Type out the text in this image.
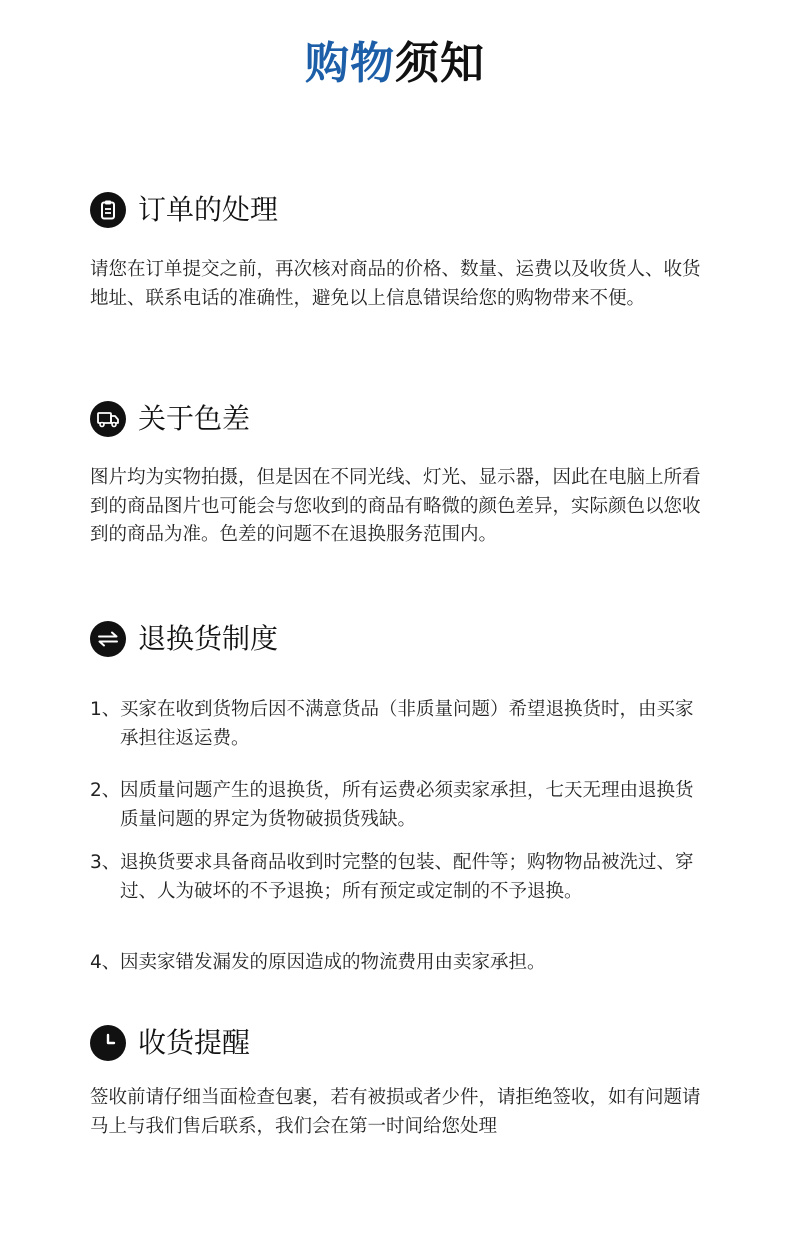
购物须知
订单的处理

请您在订单提交之前，再次核对商品的价格、数量、运费以及收货人、收货地址、联系电话的准确性，避免以上信息错误给您的购物带来不便。

关于色差

图片均为实物拍摄，但是因在不同光线、灯光、显示器，因此在电脑上所看到的商品图片也可能会与您收到的商品有略微的颜色差异，实际颜色以您收到的商品为准。色差的问题不在退换服务范围内。

退换货制度
1、 买家在收到货物后因不满意货品（非质量问题）希望退换货时，由买家承担往返运费。
2、 因质量问题产生的退换货，所有运费必须卖家承担，七天无理由退换货质量问题的界定为货物破损货残缺。
3、 退换货要求具备商品收到时完整的包装、配件等；购物物品被洗过、穿过、人为破坏的不予退换；所有预定或定制的不予退换。
4、 因卖家错发漏发的原因造成的物流费用由卖家承担。
收货提醒

签收前请仔细当面检查包裹，若有被损或者少件，请拒绝签收，如有问题请马上与我们售后联系，我们会在第一时间给您处理
